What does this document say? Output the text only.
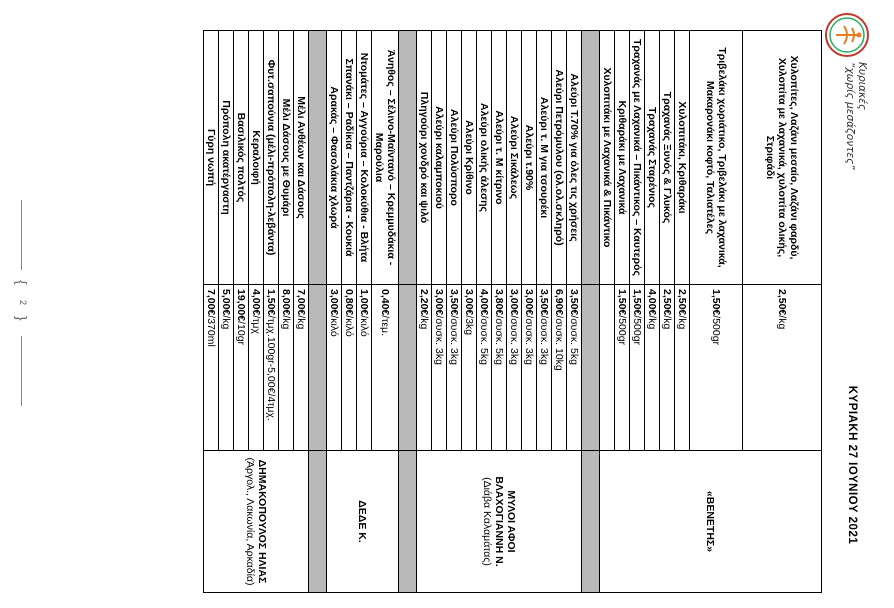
Κυριακές
“χωρίς μεσάζοντες”
ΚΥΡΙΑΚΗ 27 ΙΟΥΝΙΟΥ 2021
Χυλοπίτες, Λαζάνι μεσαίο, Λαζάνι φαρδύ, Χυλοπίτα με λαχανικά, χυλοπίτα ολικής, Στριφάδι	2,50€/kg	«ΒΕΝΕΤΗΣ»

Τριβελάκι χωριάτικο, Τριβελάκι με λαχανικά, Μακαρονάκι κοφτό, Ταλιατέλες	1,50€/500gr	
Χυλοπιτάκι, Κριθαράκι	2,50€/kg	
Τραχανάς Ξυνός & Γλυκός	2,50€/kg	
Τραχανάς Σταρένιος	4,00€/kg	
Τραχανάς με Λαχανικά – Πικάντικος – Καυτερός	1,50€/500gr	
Κριθαράκι με Λαχανικά	1,50€/500gr	
Χυλοπιτάκι με Λαχανικά & Πικάντικο		

Αλεύρι Τ.70% για όλες τις χρήσεις	3,50€/συσκ. 5kg	ΜΥΛΟΙ ΑΦΟΙ ΒΛΑΧΟΓΙΑΝΝΗ Ν.
(Διάβα Καλαμάτας)

Αλεύρι Πετρόμυλου (ολ.ολ.σκληρό)	6,90€/συσκ. 10kg	
Αλεύρι τ. Μ για τσουρέκι	3,50€/συσκ. 3kg	
Αλεύρι τ.90%	3,00€/συσκ. 3kg	
Αλεύρι Σικάλεως	3,00€/συσκ. 3kg	
Αλεύρι τ. Μ κίτρινο	3,80€/συσκ. 5kg	
Αλεύρι ολικής άλεσης	4,00€/συσκ. 5kg	
Αλεύρι Κρίθινο	3,00€/3kg	
Αλεύρι Πολύσπορο	3,50€/συσκ. 3kg	
Αλεύρι καλαμποκιού	3,00€/συσκ. 3kg	
Πληγούρι χονδρό και ψιλό	2,20€/kg	

Άνηθος – Σέλινο-Μαϊντανό – Κρεμμυδάκια - Μαρούλια	0,40€/τεμ.	ΔΕΔΕ Κ.

Ντομάτες – Αγγούρια – Κολοκύθια - Βλήτα	1,00€/κιλό	
Σπανάκι – Ραδίκια – Παντζάρια - Κουκιά	0,80€/κιλό	
Αρακάς – Φασολάκια χλωρά	3,00€/κιλό	

Μέλι Ανθέων και Δάσους	7,00€/kg	ΔΗΜΑΚΟΠΟΥΛΟΣ ΗΛΙΑΣ
(Άργολ., Λακωνία, Αρκαδία)

Μέλι Δάσους με Θυμάρι	8,00€/kg	
Φυτ.σαπούνια (μέλι-πρόπολη-λεβάντα)	1,50€/τμχ.100gr-5,00€/4τμχ.	
Κεραλοιφή	4,00€/τμχ	
Βασιλικός πολτός	19,00€/10gr	
Πρόπολη ακατέργαστη	5,00€/kg	
Γύρη νωπή	7,00€/370ml	
{
2
}
